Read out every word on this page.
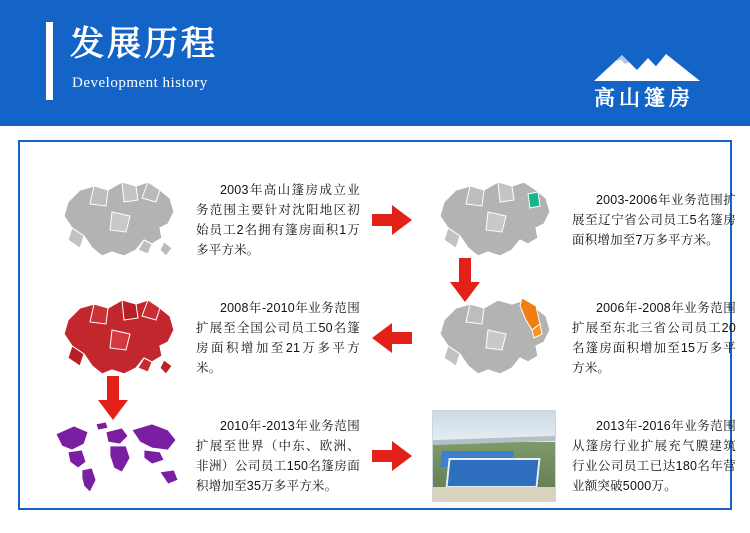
发展历程
Development history
高山篷房
2003年高山篷房成立业务范围主要针对沈阳地区初始员工2名拥有篷房面积1万多平方米。
2003-2006年业务范围扩展至辽宁省公司员工5名篷房面积增加至7万多平方米。
2008年-2010年业务范围扩展至全国公司员工50名篷房面积增加至21万多平方米。
2006年-2008年业务范围扩展至东北三省公司员工20名篷房面积增加至15万多平方米。
2010年-2013年业务范围扩展至世界（中东、欧洲、非洲）公司员工150名篷房面积增加至35万多平方米。
2013年-2016年业务范围从篷房行业扩展充气膜建筑行业公司员工已达180名年营业额突破5000万。
